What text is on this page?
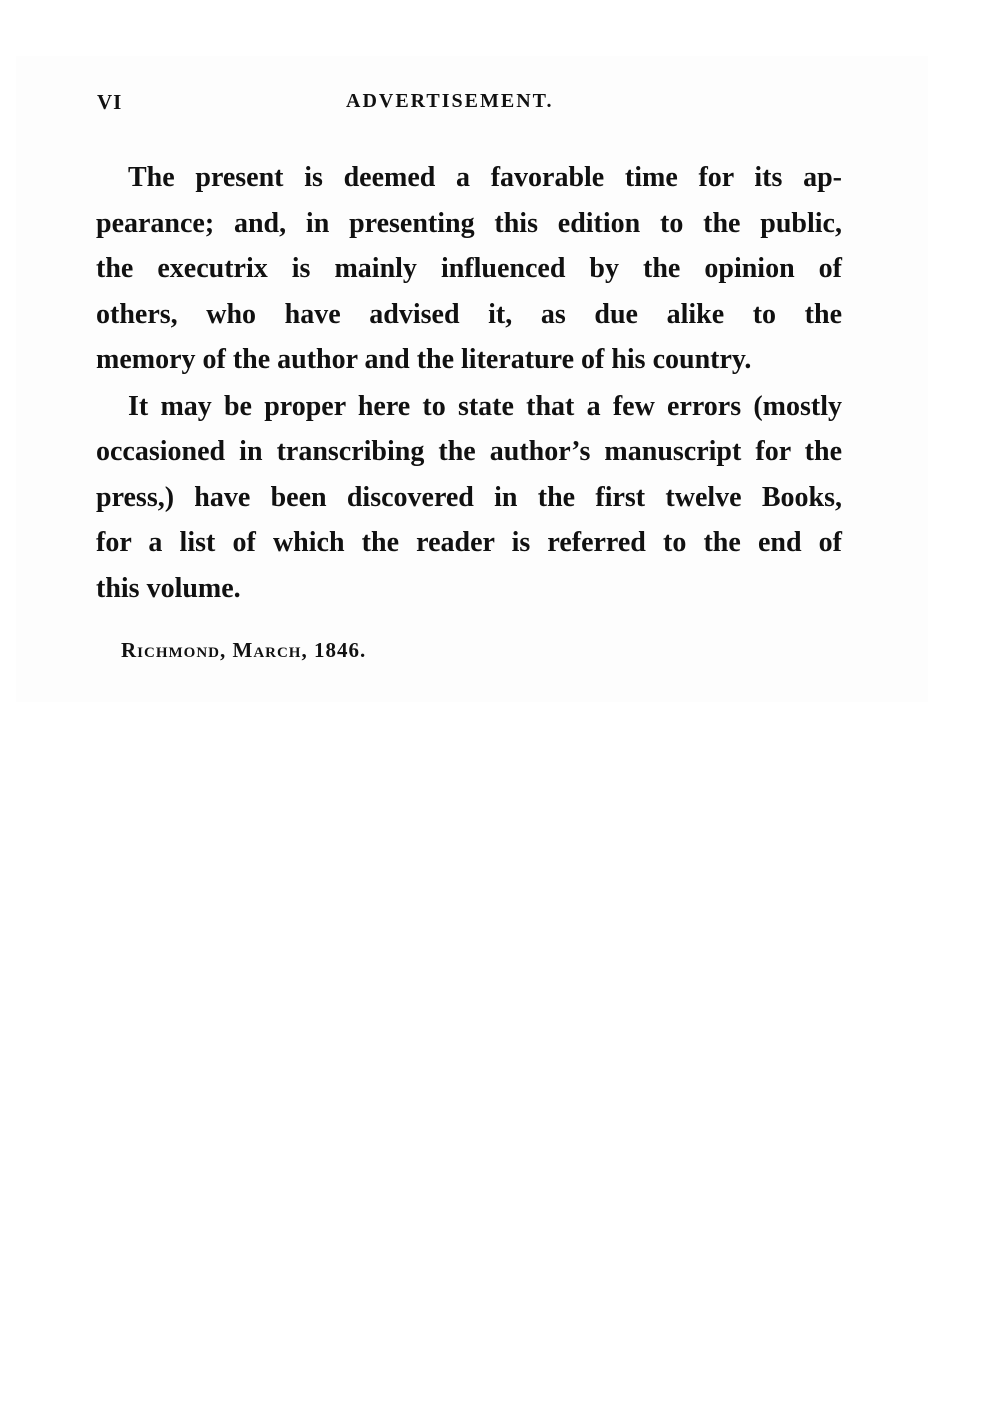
VI	ADVERTISEMENT.

The present is deemed a favorable time for its ap-
pearance; and, in presenting this edition to the public,
the executrix is mainly influenced by the opinion of
others, who have advised it, as due alike to the
memory of the author and the literature of his country.

It may be proper here to state that a few errors (mostly
occasioned in transcribing the author’s manuscript for the
press,) have been discovered in the first twelve Books,
for a list of which the reader is referred to the end of
this volume.

Richmond, March, 1846.
